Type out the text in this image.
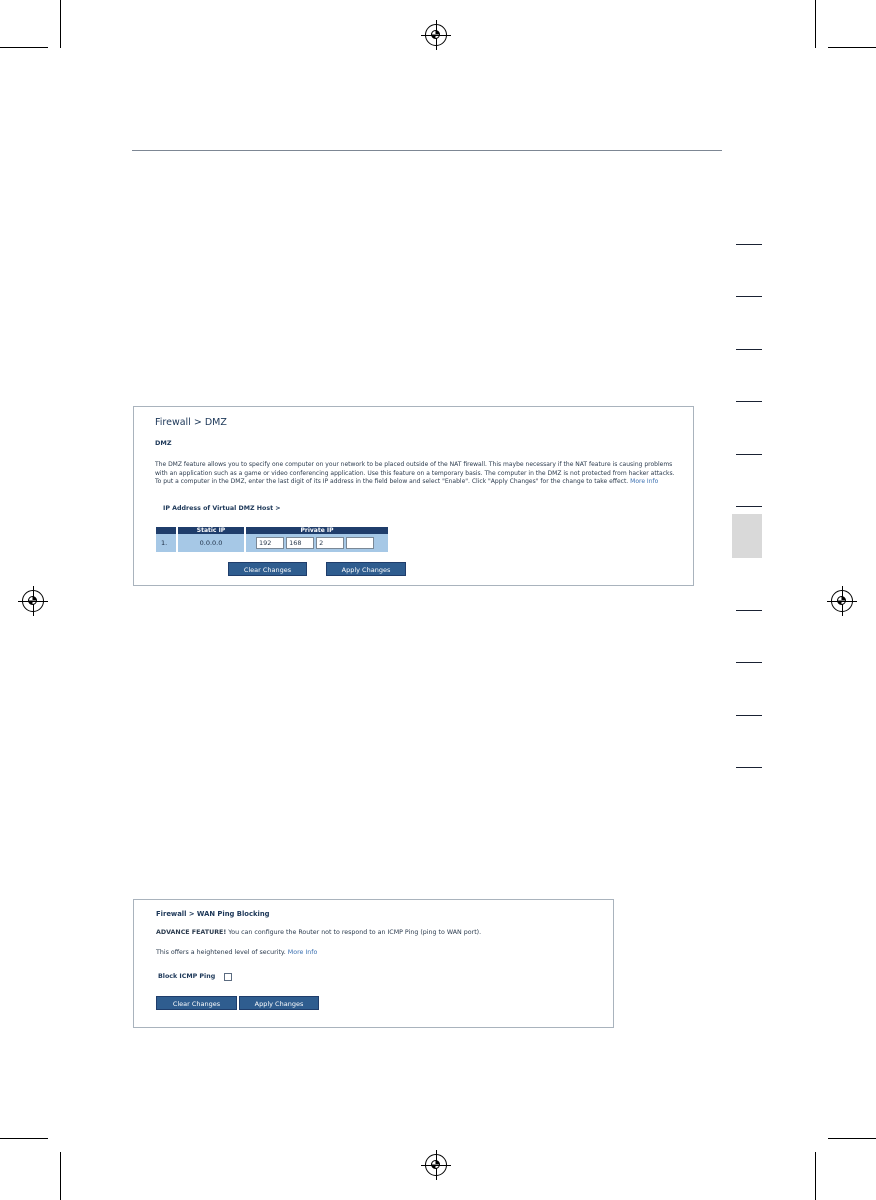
Firewall > DMZ
DMZ
The DMZ feature allows you to specify one computer on your network to be placed outside of the NAT firewall. This maybe necessary if the NAT feature is causing problems with an application such as a game or video conferencing application. Use this feature on a temporary basis. The computer in the DMZ is not protected from hacker attacks. To put a computer in the DMZ, enter the last digit of its IP address in the field below and select "Enable". Click "Apply Changes" for the change to take effect. More Info
IP Address of Virtual DMZ Host >
	Static IP	Private IP
1.	0.0.0.0	192 168 2
Clear Changes	Apply Changes
Firewall > WAN Ping Blocking
ADVANCE FEATURE! You can configure the Router not to respond to an ICMP Ping (ping to WAN port).
This offers a heightened level of security. More Info
Block ICMP Ping
Clear Changes	Apply Changes
